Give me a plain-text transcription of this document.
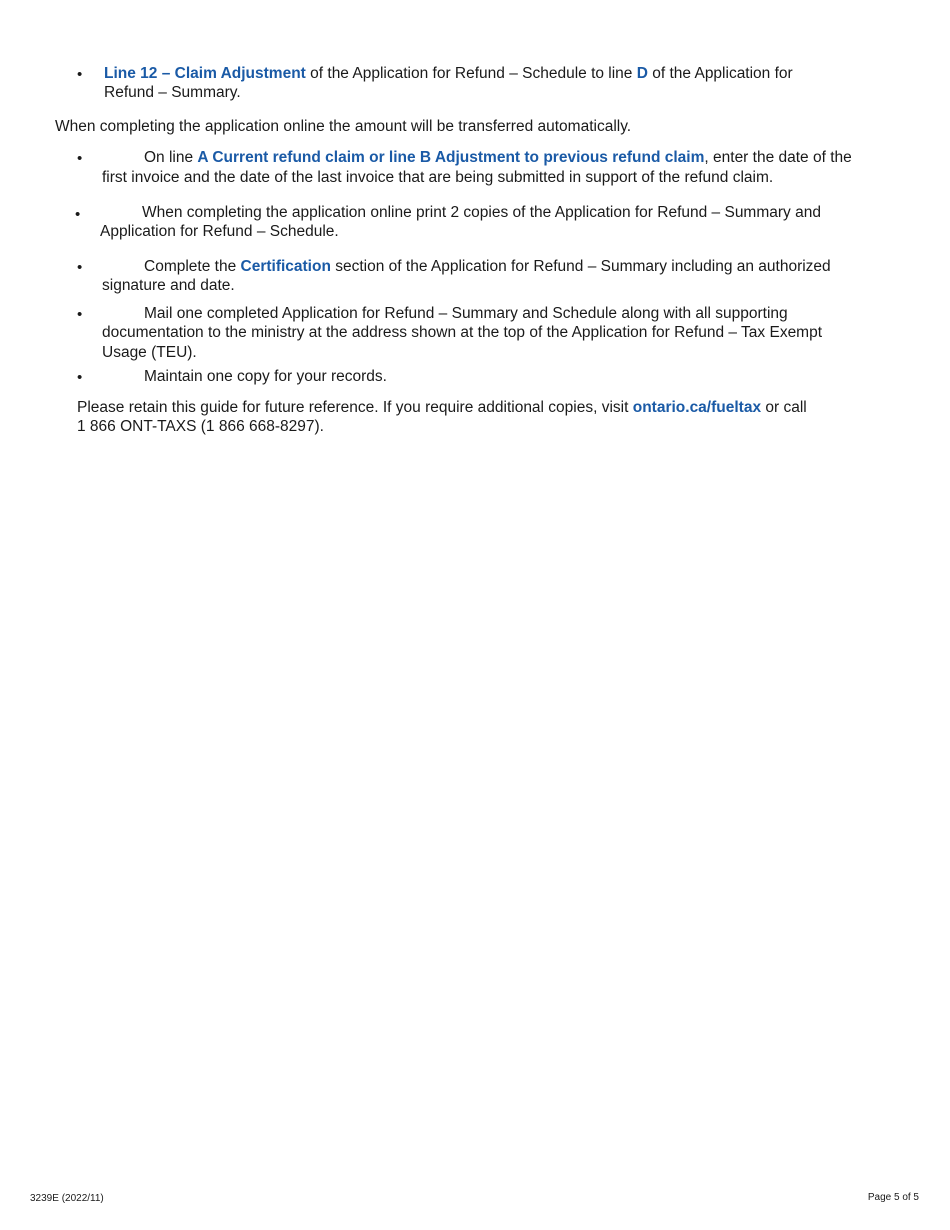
• Line 12 – Claim Adjustment of the Application for Refund – Schedule to line D of the Application for
Refund – Summary.
When completing the application online the amount will be transferred automatically.
•	On line A Current refund claim or line B Adjustment to previous refund claim, enter the date of the
first invoice and the date of the last invoice that are being submitted in support of the refund claim.
•	When completing the application online print 2 copies of the Application for Refund – Summary and
Application for Refund – Schedule.
•	Complete the Certification section of the Application for Refund – Summary including an authorized
signature and date.
•	Mail one completed Application for Refund – Summary and Schedule along with all supporting
documentation to the ministry at the address shown at the top of the Application for Refund – Tax Exempt
Usage (TEU).
•	Maintain one copy for your records.
Please retain this guide for future reference. If you require additional copies, visit ontario.ca/fueltax or call
1 866 ONT-TAXS (1 866 668-8297).
3239E (2022/11)	Page 5 of 5
